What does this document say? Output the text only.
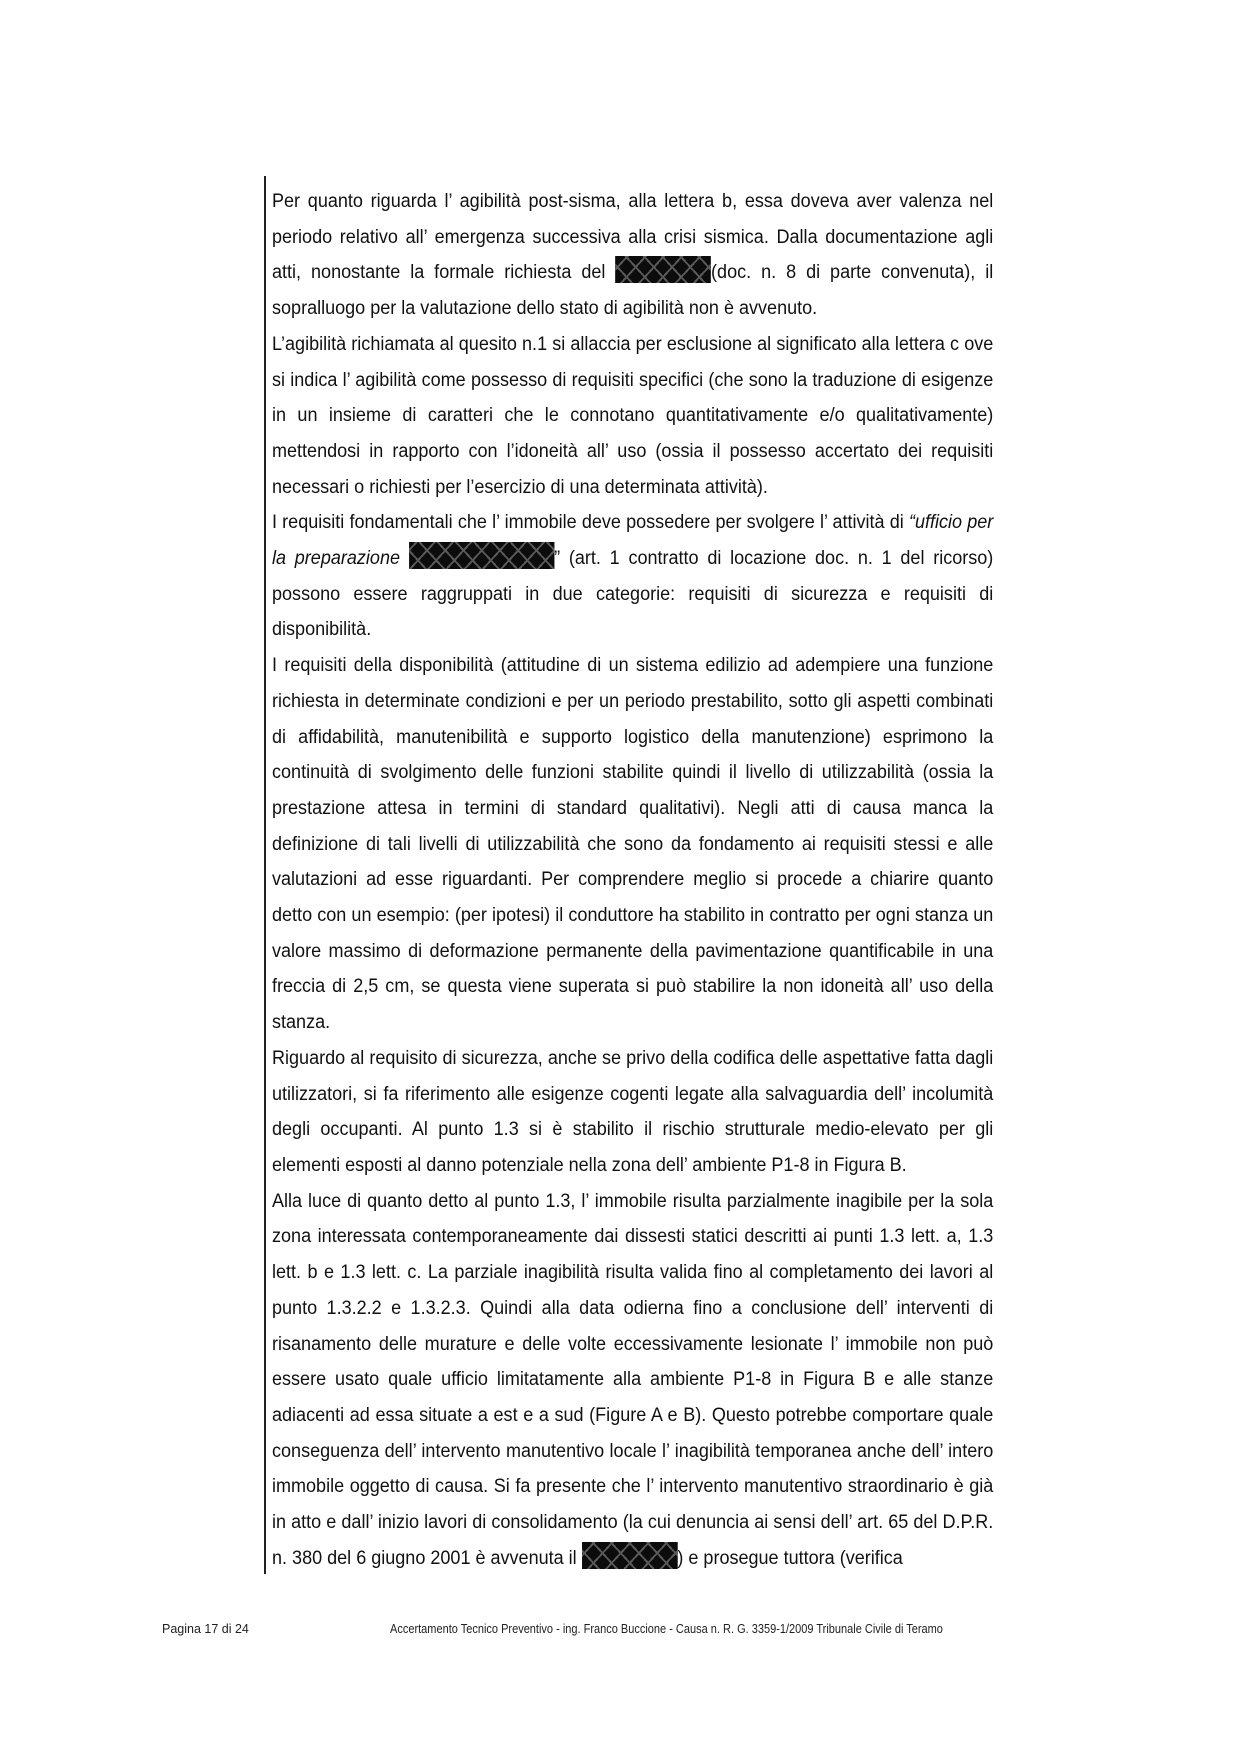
Per quanto riguarda l’ agibilità post-sisma, alla lettera b, essa doveva aver valenza nel periodo relativo all’ emergenza successiva alla crisi sismica. Dalla documentazione agli atti, nonostante la formale richiesta del	(doc. n. 8 di parte convenuta), il sopralluogo per la valutazione dello stato di agibilità non è avvenuto.

L’agibilità richiamata al quesito n.1 si allaccia per esclusione al significato alla lettera c ove si indica l’ agibilità come possesso di requisiti specifici (che sono la traduzione di esigenze in un insieme di caratteri che le connotano quantitativamente e/o qualitativamente) mettendosi in rapporto con l’idoneità all’ uso (ossia il possesso accertato dei requisiti necessari o richiesti per l’esercizio di una determinata attività).

I requisiti fondamentali che l’ immobile deve possedere per svolgere l’ attività di “ufficio per la preparazione	” (art. 1 contratto di locazione doc. n. 1 del ricorso) possono essere raggruppati in due categorie: requisiti di sicurezza e requisiti di disponibilità.

I requisiti della disponibilità (attitudine di un sistema edilizio ad adempiere una funzione richiesta in determinate condizioni e per un periodo prestabilito, sotto gli aspetti combinati di affidabilità, manutenibilità e supporto logistico della manutenzione) esprimono la continuità di svolgimento delle funzioni stabilite quindi il livello di utilizzabilità (ossia la prestazione attesa in termini di standard qualitativi). Negli atti di causa manca la definizione di tali livelli di utilizzabilità che sono da fondamento ai requisiti stessi e alle valutazioni ad esse riguardanti. Per comprendere meglio si procede a chiarire quanto detto con un esempio: (per ipotesi) il conduttore ha stabilito in contratto per ogni stanza un valore massimo di deformazione permanente della pavimentazione quantificabile in una freccia di 2,5 cm, se questa viene superata si può stabilire la non idoneità all’ uso della stanza.

Riguardo al requisito di sicurezza, anche se privo della codifica delle aspettative fatta dagli utilizzatori, si fa riferimento alle esigenze cogenti legate alla salvaguardia dell’ incolumità degli occupanti. Al punto 1.3 si è stabilito il rischio strutturale medio-elevato per gli elementi esposti al danno potenziale nella zona dell’ ambiente P1-8 in Figura B.

Alla luce di quanto detto al punto 1.3, l’ immobile risulta parzialmente inagibile per la sola zona interessata contemporaneamente dai dissesti statici descritti ai punti 1.3 lett. a, 1.3 lett. b e 1.3 lett. c. La parziale inagibilità risulta valida fino al completamento dei lavori al punto 1.3.2.2 e 1.3.2.3. Quindi alla data odierna fino a conclusione dell’ interventi di risanamento delle murature e delle volte eccessivamente lesionate l’ immobile non può essere usato quale ufficio limitatamente alla ambiente P1-8 in Figura B e alle stanze adiacenti ad essa situate a est e a sud (Figure A e B). Questo potrebbe comportare quale conseguenza dell’ intervento manutentivo locale l’ inagibilità temporanea anche dell’ intero immobile oggetto di causa. Si fa presente che l’ intervento manutentivo straordinario è già in atto e dall’ inizio lavori di consolidamento (la cui denuncia ai sensi dell’ art. 65 del D.P.R. n. 380 del 6 giugno 2001 è avvenuta il	) e prosegue tuttora (verifica

Pagina 17 di 24	Accertamento Tecnico Preventivo - ing. Franco Buccione - Causa n. R. G. 3359-1/2009 Tribunale Civile di Teramo
